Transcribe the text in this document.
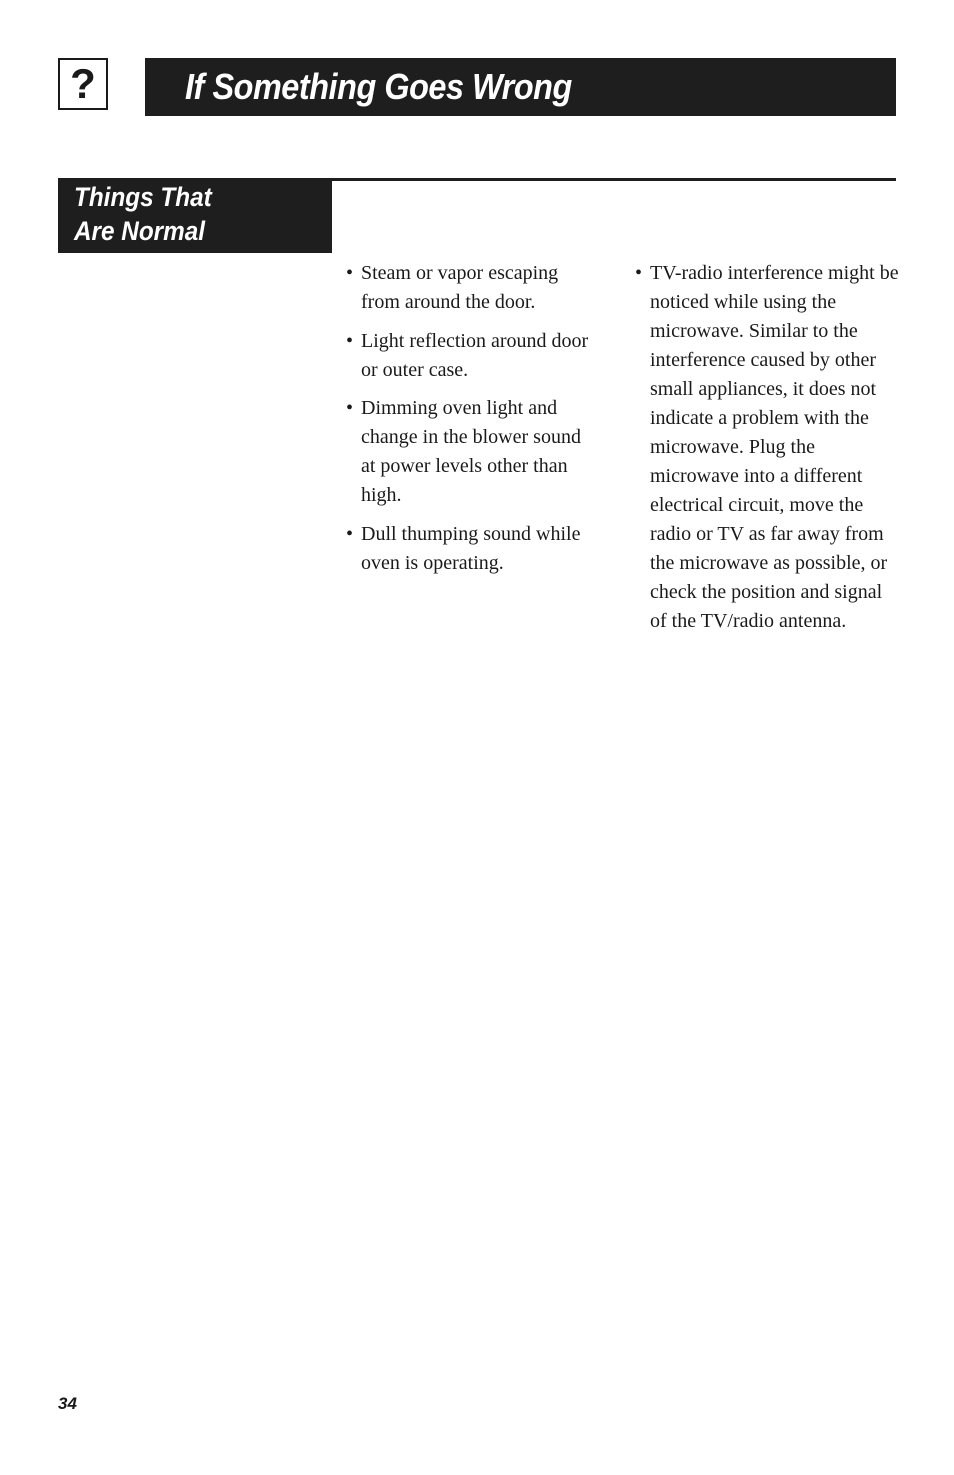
?	If Something Goes Wrong
Things That
Are Normal
• Steam or vapor escaping from around the door.
• Light reflection around door or outer case.
• Dimming oven light and change in the blower sound at power levels other than high.
• Dull thumping sound while oven is operating.
• TV-radio interference might be noticed while using the microwave. Similar to the interference caused by other small appliances, it does not indicate a problem with the microwave. Plug the microwave into a different electrical circuit, move the radio or TV as far away from the microwave as possible, or check the position and signal of the TV/radio antenna.
34
